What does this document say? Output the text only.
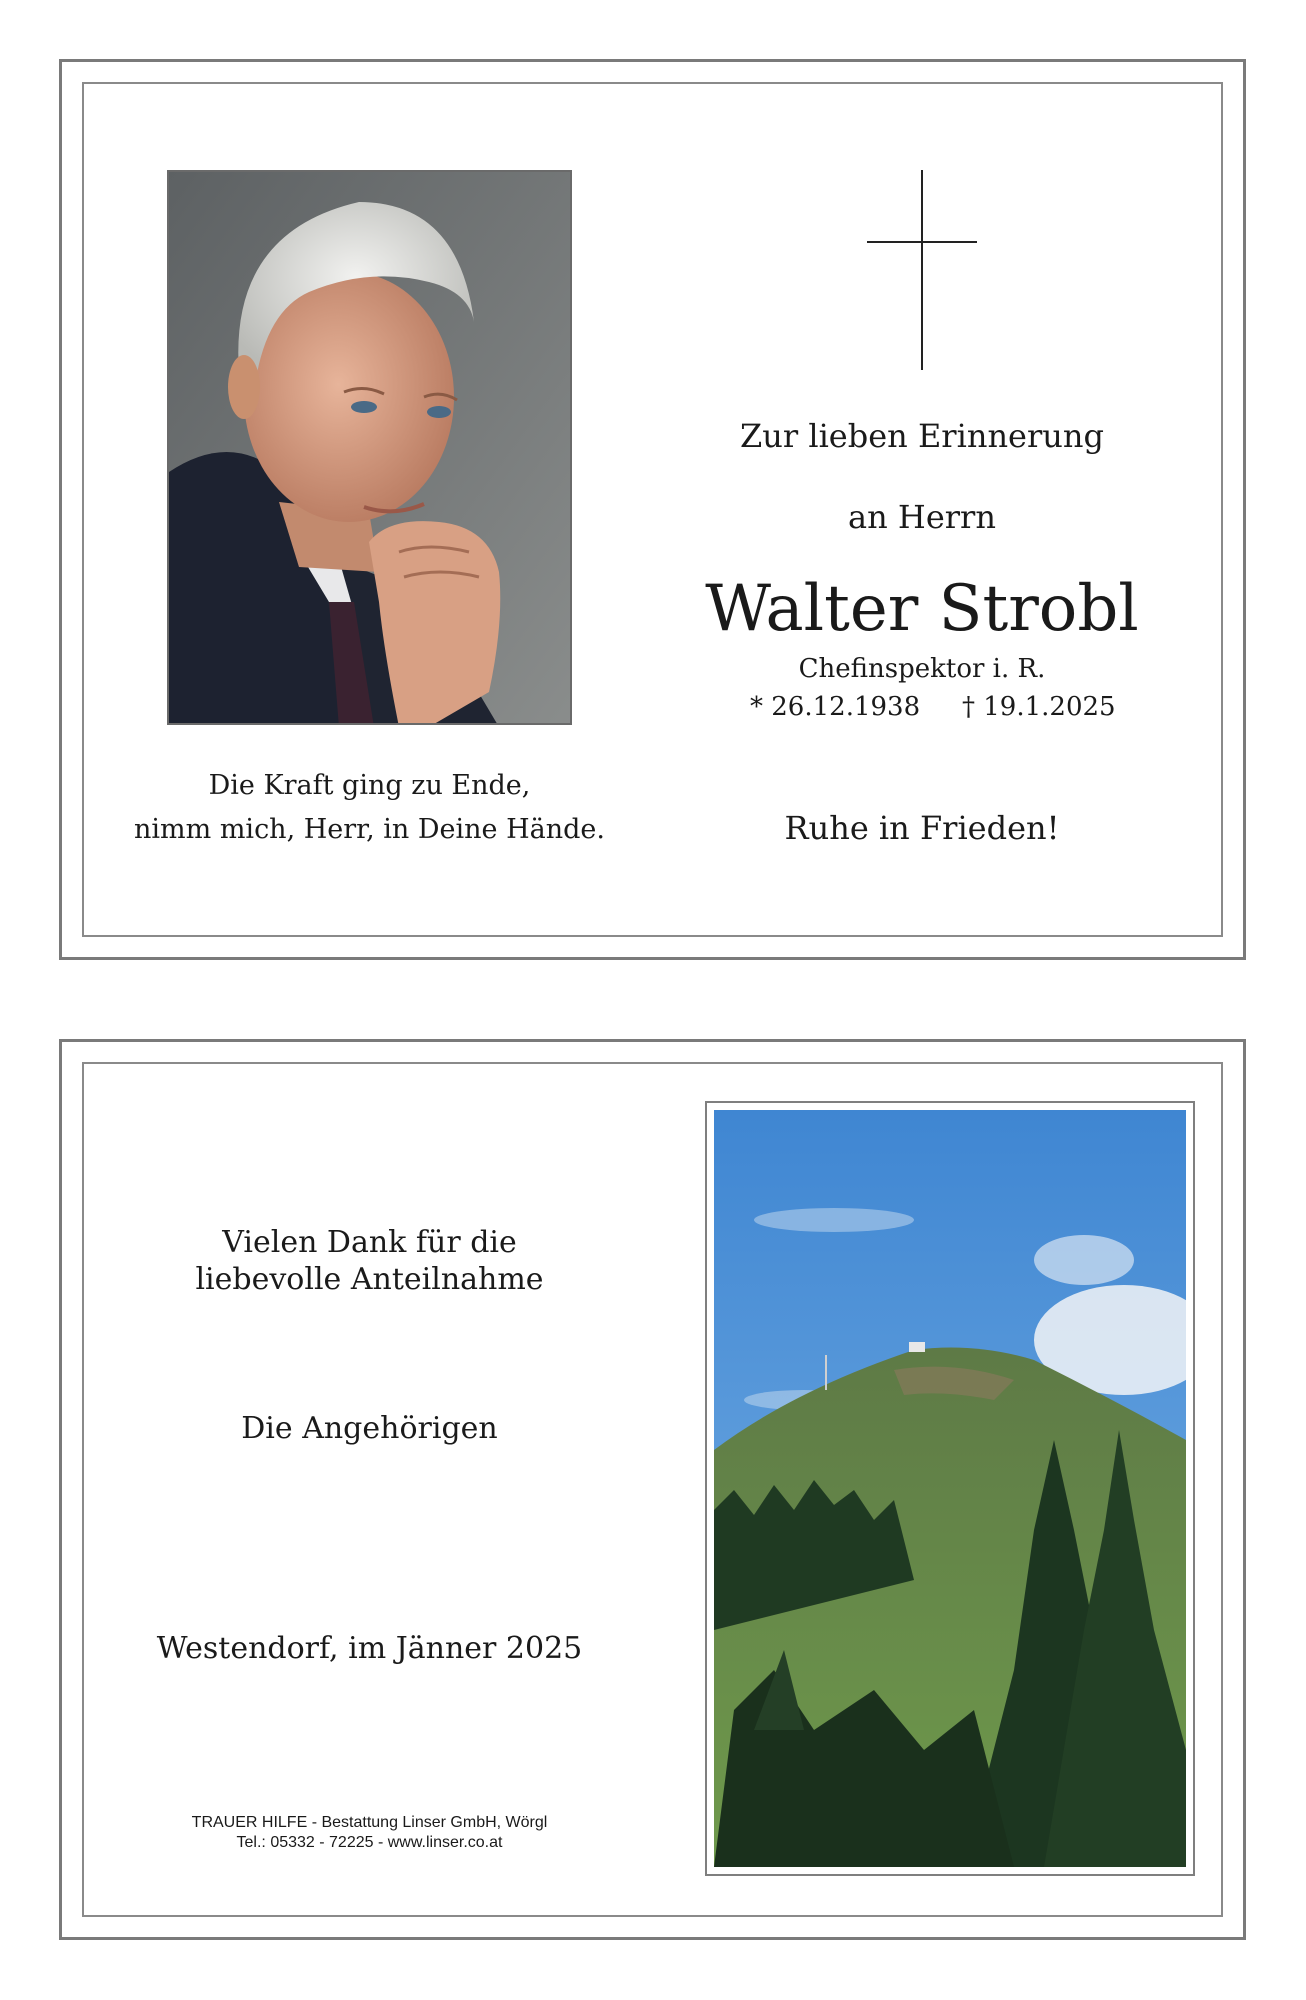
Zur lieben Erinnerung
an Herrn
Walter Strobl
Chefinspektor i. R.
* 26.12.1938	† 19.1.2025
Ruhe in Frieden!
Die Kraft ging zu Ende,
nimm mich, Herr, in Deine Hände.
Vielen Dank für die
liebevolle Anteilnahme
Die Angehörigen
Westendorf, im Jänner 2025
TRAUER HILFE - Bestattung Linser GmbH, Wörgl
Tel.: 05332 - 72225 - www.linser.co.at
